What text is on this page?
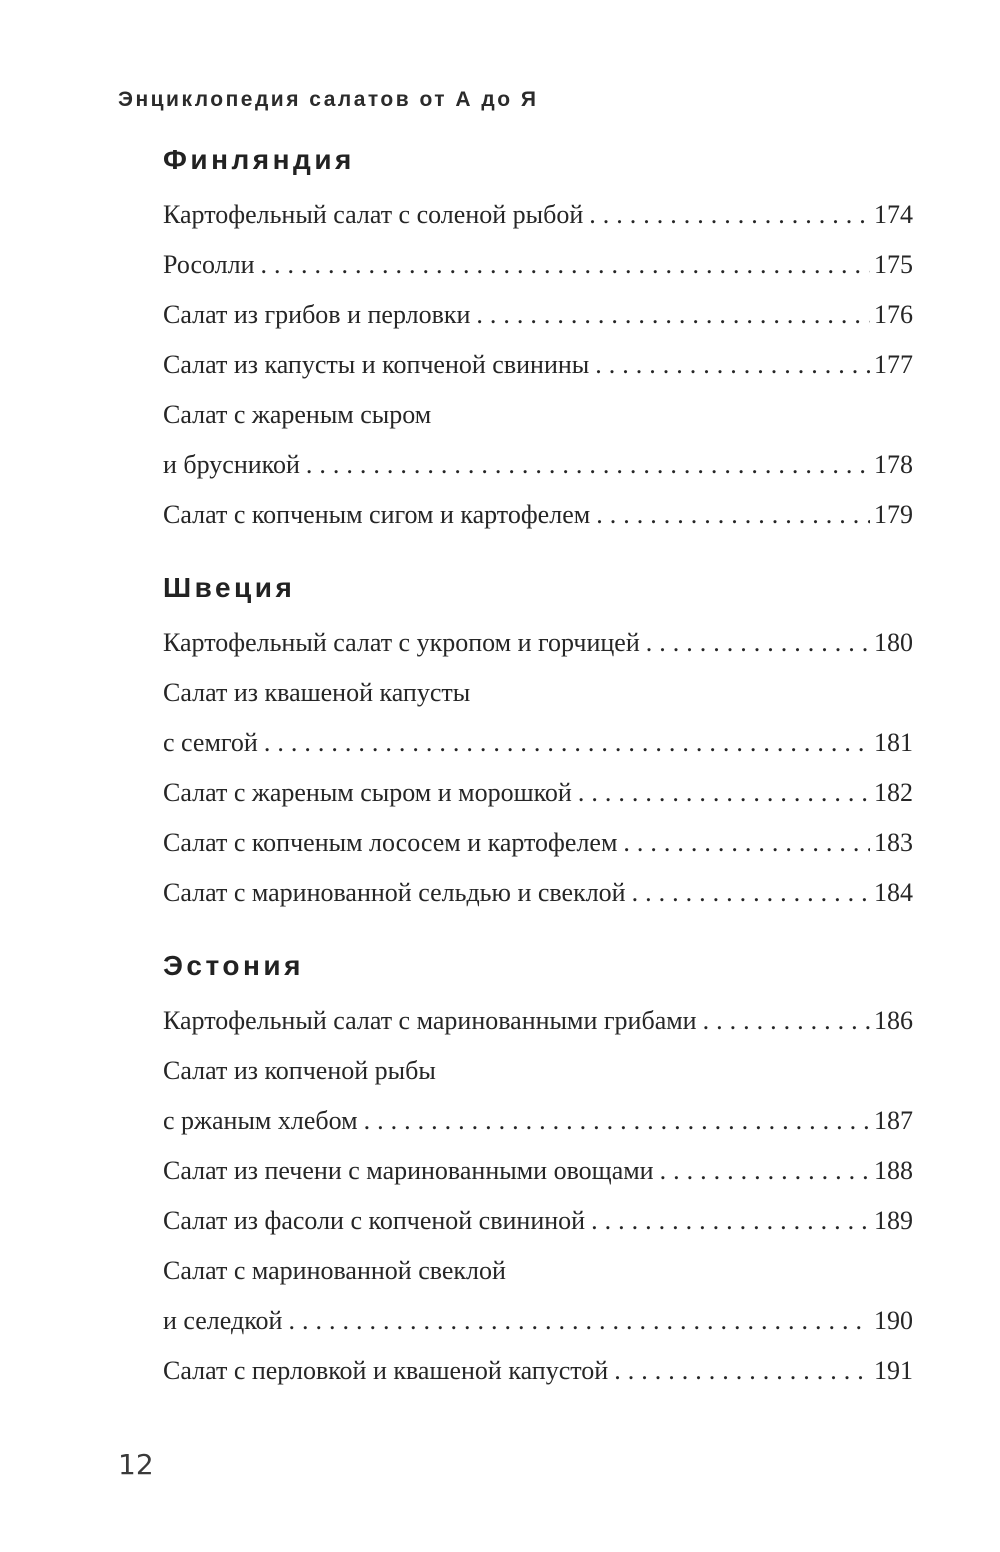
Энциклопедия салатов от А до Я
Финляндия
Картофельный салат с соленой рыбой .....	174
Росолли .....	175
Салат из грибов и перловки .....	176
Салат из капусты и копченой свинины .....	177
Салат с жареным сыром
и брусникой .....	178
Салат с копченым сигом и картофелем .....	179
Швеция
Картофельный салат с укропом и горчицей .....	180
Салат из квашеной капусты
с семгой .....	181
Салат с жареным сыром и морошкой .....	182
Салат с копченым лососем и картофелем .....	183
Салат с маринованной сельдью и свеклой .....	184
Эстония
Картофельный салат с маринованными грибами .....	186
Салат из копченой рыбы
с ржаным хлебом .....	187
Салат из печени с маринованными овощами .....	188
Салат из фасоли с копченой свининой .....	189
Салат с маринованной свеклой
и селедкой .....	190
Салат с перловкой и квашеной капустой .....	191
12
